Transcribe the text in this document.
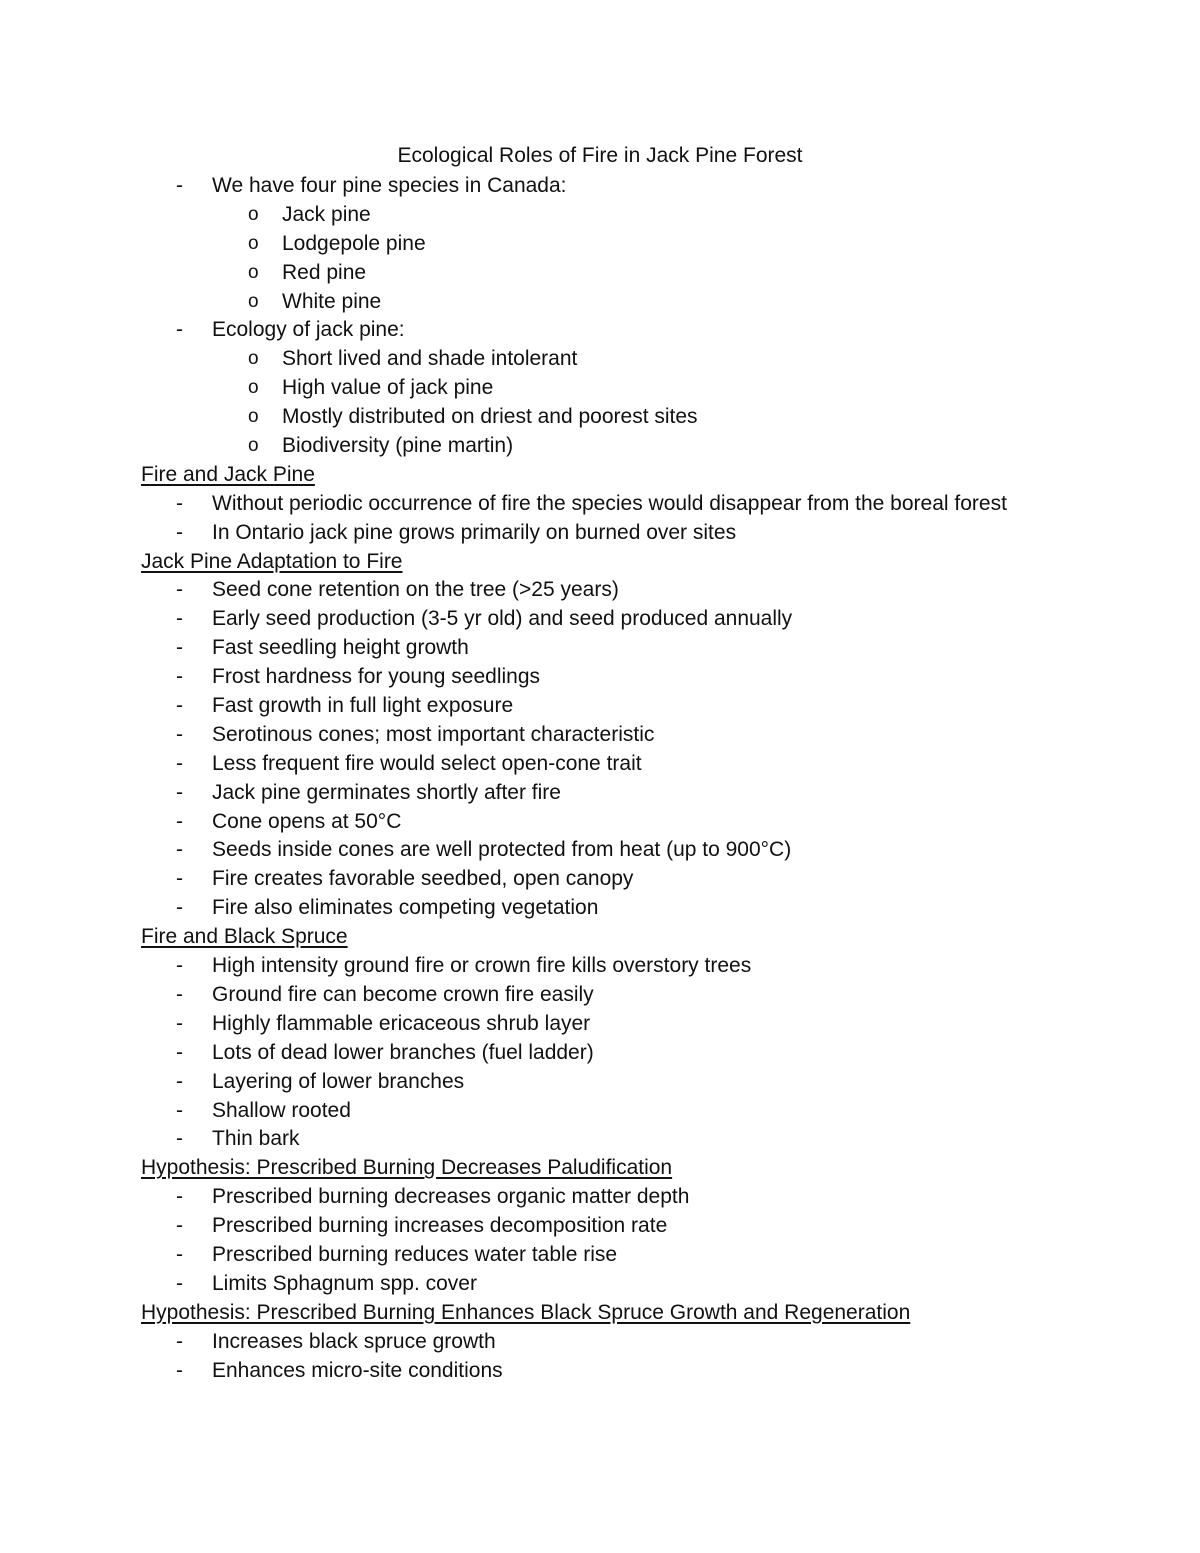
Ecological Roles of Fire in Jack Pine Forest
- We have four pine species in Canada:
o Jack pine
o Lodgepole pine
o Red pine
o White pine
- Ecology of jack pine:
o Short lived and shade intolerant
o High value of jack pine
o Mostly distributed on driest and poorest sites
o Biodiversity (pine martin)
Fire and Jack Pine
- Without periodic occurrence of fire the species would disappear from the boreal forest
- In Ontario jack pine grows primarily on burned over sites
Jack Pine Adaptation to Fire
- Seed cone retention on the tree (>25 years)
- Early seed production (3-5 yr old) and seed produced annually
- Fast seedling height growth
- Frost hardness for young seedlings
- Fast growth in full light exposure
- Serotinous cones; most important characteristic
- Less frequent fire would select open-cone trait
- Jack pine germinates shortly after fire
- Cone opens at 50°C
- Seeds inside cones are well protected from heat (up to 900°C)
- Fire creates favorable seedbed, open canopy
- Fire also eliminates competing vegetation
Fire and Black Spruce
- High intensity ground fire or crown fire kills overstory trees
- Ground fire can become crown fire easily
- Highly flammable ericaceous shrub layer
- Lots of dead lower branches (fuel ladder)
- Layering of lower branches
- Shallow rooted
- Thin bark
Hypothesis: Prescribed Burning Decreases Paludification
- Prescribed burning decreases organic matter depth
- Prescribed burning increases decomposition rate
- Prescribed burning reduces water table rise
- Limits Sphagnum spp. cover
Hypothesis: Prescribed Burning Enhances Black Spruce Growth and Regeneration
- Increases black spruce growth
- Enhances micro-site conditions
